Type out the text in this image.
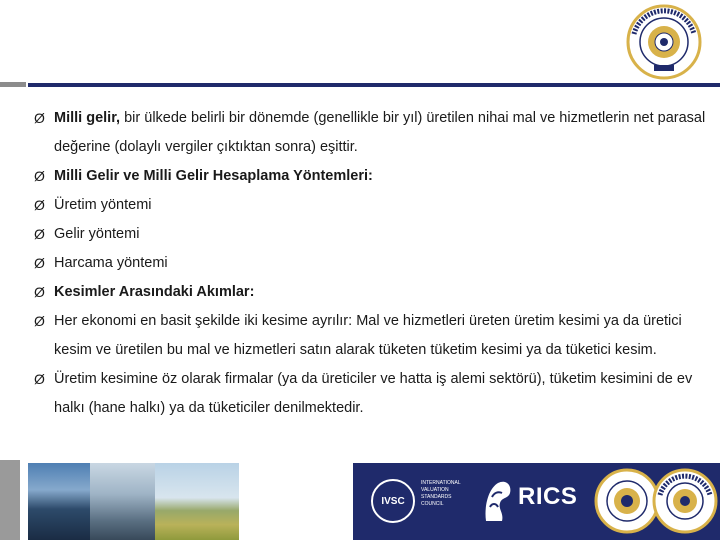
Ø Milli gelir, bir ülkede belirli bir dönemde (genellikle bir yıl) üretilen nihai mal ve hizmetlerin net parasal değerine (dolaylı vergiler çıktıktan sonra) eşittir.
Ø Milli Gelir ve Milli Gelir Hesaplama Yöntemleri:
Ø Üretim yöntemi
Ø Gelir yöntemi
Ø Harcama yöntemi
Ø Kesimler Arasındaki Akımlar:
Ø Her ekonomi en basit şekilde iki kesime ayrılır: Mal ve hizmetleri üreten üretim kesimi ya da üretici kesim ve üretilen bu mal ve hizmetleri satın alarak tüketen tüketim kesimi ya da tüketici kesim.
Ø Üretim kesimine öz olarak firmalar (ya da üreticiler ve hatta iş alemi sektörü), tüketim kesimini de ev halkı (hane halkı) ya da tüketiciler denilmektedir.
IVSC
INTERNATIONAL VALUATION STANDARDS COUNCIL	RICS
